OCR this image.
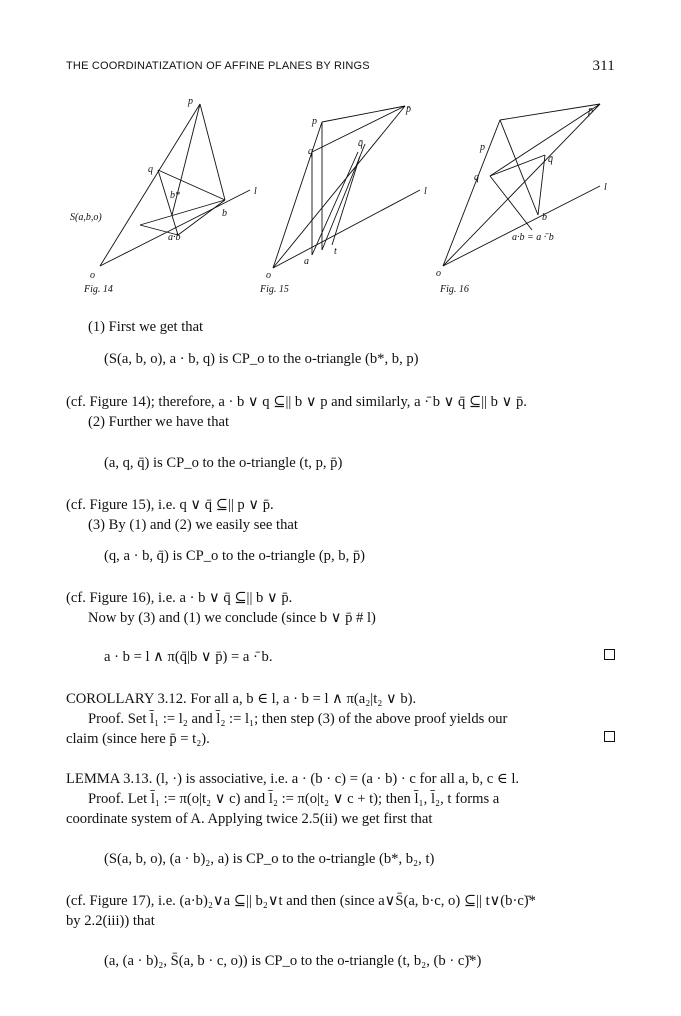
THE COORDINATIZATION OF AFFINE PLANES BY RINGS	311
p
q
b*
S(a,b,o)
a·b
b
l
o
Fig. 14
q
p
q̄
p̄
a
t
l
o
Fig. 15
p
q
q̄
p̄
b
a·b = a ·̄ b
l
o
Fig. 16
(1) First we get that
(S(a, b, o), a · b, q) is CP_o to the o-triangle (b*, b, p)
(cf. Figure 14); therefore, a · b ∨ q ⊆|| b ∨ p and similarly, a ·̄ b ∨ q̄ ⊆|| b ∨ p̄.
(2) Further we have that
(a, q, q̄) is CP_o to the o-triangle (t, p, p̄)
(cf. Figure 15), i.e. q ∨ q̄ ⊆|| p ∨ p̄.
(3) By (1) and (2) we easily see that
(q, a · b, q̄) is CP_o to the o-triangle (p, b, p̄)
(cf. Figure 16), i.e. a · b ∨ q̄ ⊆|| b ∨ p̄.
Now by (3) and (1) we conclude (since b ∨ p̄ # l)
a · b = l ∧ π(q̄|b ∨ p̄) = a ·̄ b.
COROLLARY 3.12. For all a, b ∈ l, a · b = l ∧ π(a₂|t₂ ∨ b).
Proof. Set l̄₁ := l₂ and l̄₂ := l₁; then step (3) of the above proof yields our
claim (since here p̄ = t₂).
LEMMA 3.13. (l, ·) is associative, i.e. a · (b · c) = (a · b) · c for all a, b, c ∈ l.
Proof. Let l̄₁ := π(o|t₂ ∨ c) and l̄₂ := π(o|t₂ ∨ c + t); then l̄₁, l̄₂, t forms a
coordinate system of A. Applying twice 2.5(ii) we get first that
(S(a, b, o), (a · b)₂, a) is CP_o to the o-triangle (b*, b₂, t)
(cf. Figure 17), i.e. (a·b)₂∨a ⊆|| b₂∨t and then (since a∨S̄(a, b·c, o) ⊆|| t∨(b·c)̄*
by 2.2(iii)) that
(a, (a · b)₂, S̄(a, b · c, o)) is CP_o to the o-triangle (t, b₂, (b · c)̄*)
